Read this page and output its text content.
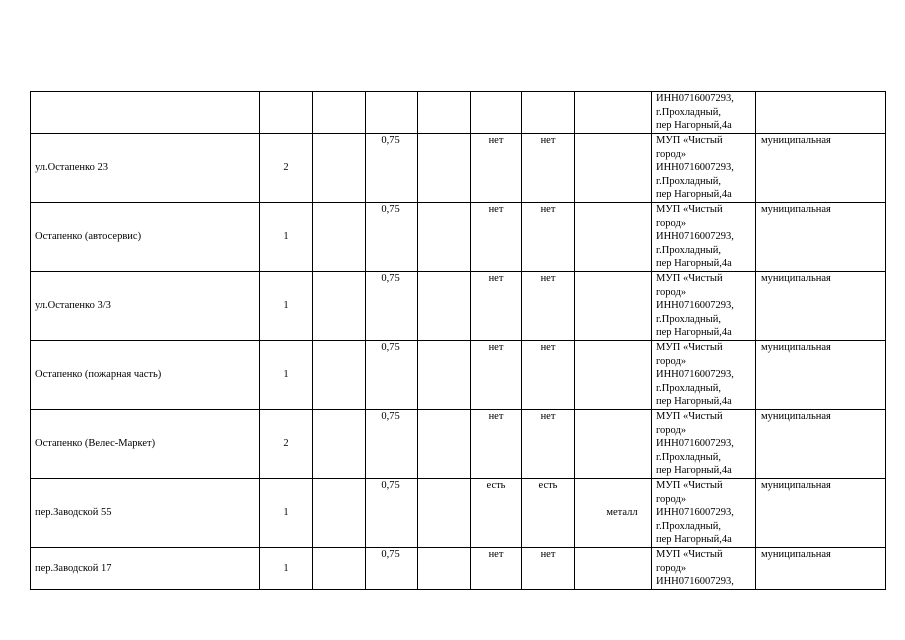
								ИНН0716007293,
г.Прохладный,
пер Нагорный,4а	

ул.Остапенко 23	2		0,75		нет	нет		МУП «Чистый
город»
ИНН0716007293,
г.Прохладный,
пер Нагорный,4а	муниципальная
Остапенко (автосервис)	1		0,75		нет	нет		МУП «Чистый
город»
ИНН0716007293,
г.Прохладный,
пер Нагорный,4а	муниципальная
ул.Остапенко 3/3	1		0,75		нет	нет		МУП «Чистый
город»
ИНН0716007293,
г.Прохладный,
пер Нагорный,4а	муниципальная
Остапенко (пожарная часть)	1		0,75		нет	нет		МУП «Чистый
город»
ИНН0716007293,
г.Прохладный,
пер Нагорный,4а	муниципальная
Остапенко (Велес-Маркет)	2		0,75		нет	нет		МУП «Чистый
город»
ИНН0716007293,
г.Прохладный,
пер Нагорный,4а	муниципальная
пер.Заводской 55	1		0,75		есть	есть	металл	МУП «Чистый
город»
ИНН0716007293,
г.Прохладный,
пер Нагорный,4а	муниципальная
пер.Заводской 17	1		0,75		нет	нет		МУП «Чистый
город»
ИНН0716007293,	муниципальная
